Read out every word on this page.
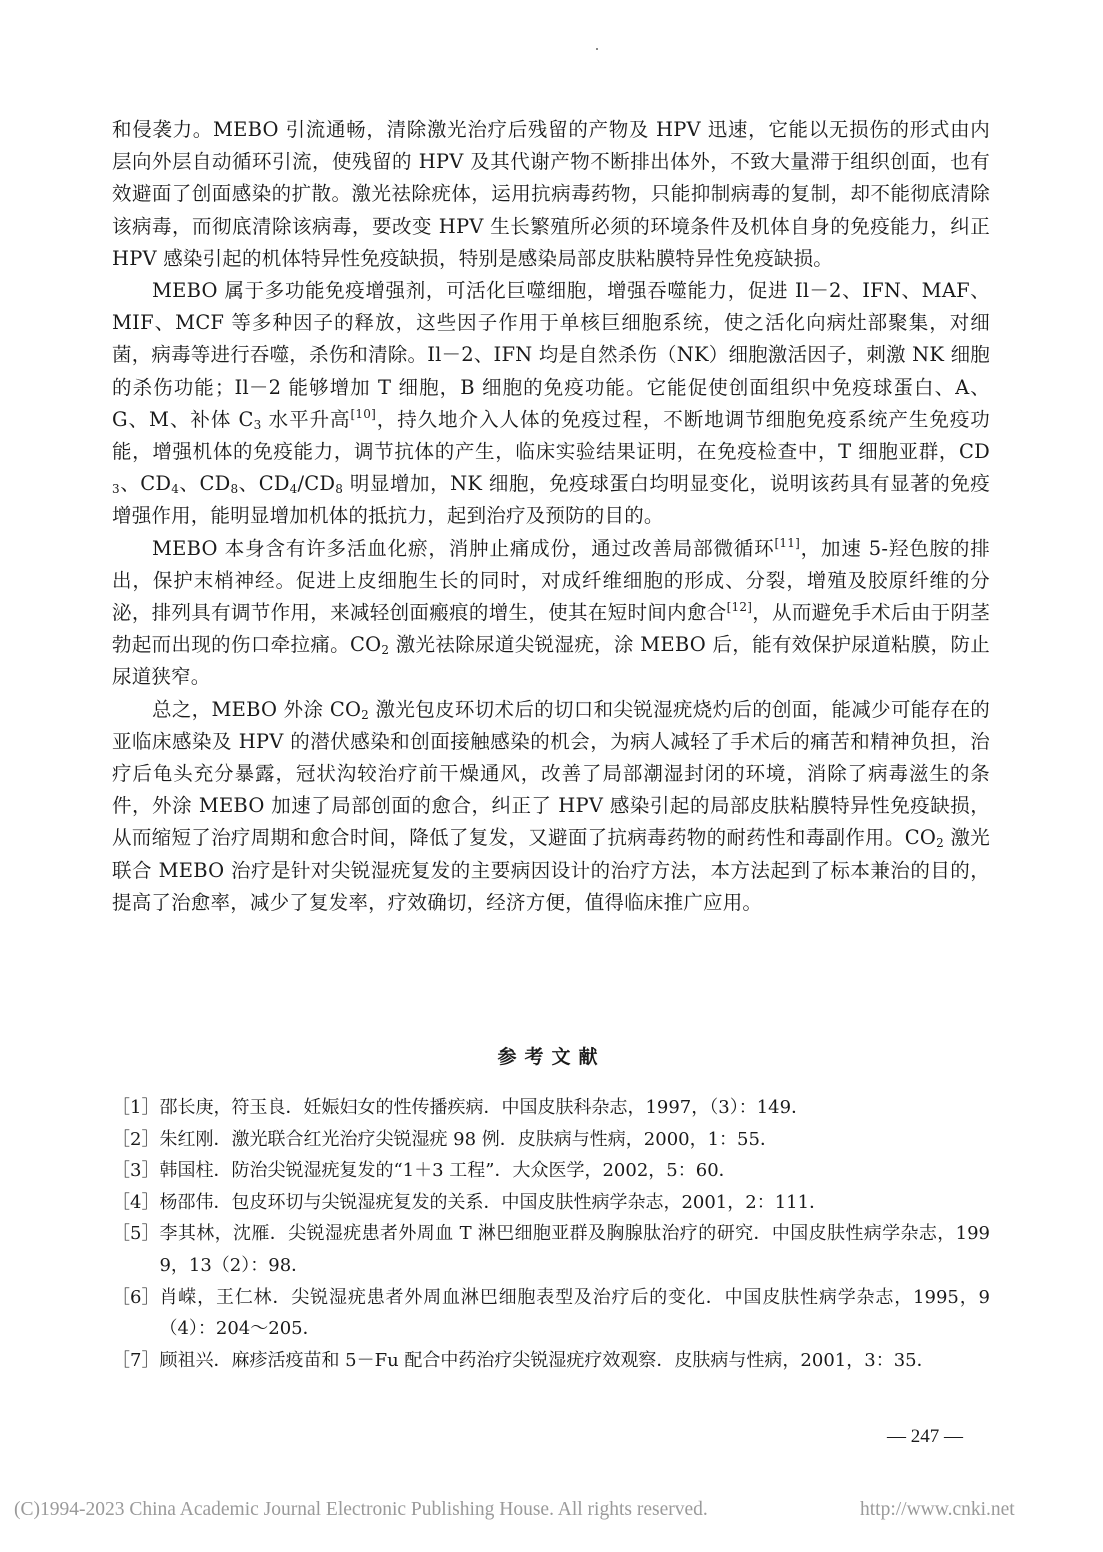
和侵袭力。MEBO 引流通畅，清除激光治疗后残留的产物及 HPV 迅速，它能以无损伤的形式由内层向外层自动循环引流，使残留的 HPV 及其代谢产物不断排出体外，不致大量滞于组织创面，也有效避面了创面感染的扩散。激光祛除疣体，运用抗病毒药物，只能抑制病毒的复制，却不能彻底清除该病毒，而彻底清除该病毒，要改变 HPV 生长繁殖所必须的环境条件及机体自身的免疫能力，纠正 HPV 感染引起的机体特异性免疫缺损，特别是感染局部皮肤粘膜特异性免疫缺损。

MEBO 属于多功能免疫增强剂，可活化巨噬细胞，增强吞噬能力，促进 Il－2、IFN、MAF、MIF、MCF 等多种因子的释放，这些因子作用于单核巨细胞系统，使之活化向病灶部聚集，对细菌，病毒等进行吞噬，杀伤和清除。Il－2、IFN 均是自然杀伤（NK）细胞激活因子，刺激 NK 细胞的杀伤功能；Il－2 能够增加 T 细胞，B 细胞的免疫功能。它能促使创面组织中免疫球蛋白、A、G、M、补体 $C_3$ 水平升高[10]，持久地介入人体的免疫过程，不断地调节细胞免疫系统产生免疫功能，增强机体的免疫能力，调节抗体的产生，临床实验结果证明，在免疫检查中，T 细胞亚群，$CD_3$、$CD_4$、$CD_8$、$CD_4/CD_8$ 明显增加，NK 细胞，免疫球蛋白均明显变化，说明该药具有显著的免疫增强作用，能明显增加机体的抵抗力，起到治疗及预防的目的。

MEBO 本身含有许多活血化瘀，消肿止痛成份，通过改善局部微循环[11]，加速 5-羟色胺的排出，保护末梢神经。促进上皮细胞生长的同时，对成纤维细胞的形成、分裂，增殖及胶原纤维的分泌，排列具有调节作用，来减轻创面瘢痕的增生，使其在短时间内愈合[12]，从而避免手术后由于阴茎勃起而出现的伤口牵拉痛。$CO_2$ 激光祛除尿道尖锐湿疣，涂 MEBO 后，能有效保护尿道粘膜，防止尿道狭窄。

总之，MEBO 外涂 $CO_2$ 激光包皮环切术后的切口和尖锐湿疣烧灼后的创面，能减少可能存在的亚临床感染及 HPV 的潜伏感染和创面接触感染的机会，为病人减轻了手术后的痛苦和精神负担，治疗后龟头充分暴露，冠状沟较治疗前干燥通风，改善了局部潮湿封闭的环境，消除了病毒滋生的条件，外涂 MEBO 加速了局部创面的愈合，纠正了 HPV 感染引起的局部皮肤粘膜特异性免疫缺损，从而缩短了治疗周期和愈合时间，降低了复发，又避面了抗病毒药物的耐药性和毒副作用。$CO_2$ 激光联合 MEBO 治疗是针对尖锐湿疣复发的主要病因设计的治疗方法，本方法起到了标本兼治的目的，提高了治愈率，减少了复发率，疗效确切，经济方便，值得临床推广应用。

参考文献
［1］ 邵长庚，符玉良．妊娠妇女的性传播疾病．中国皮肤科杂志，1997，（3）：149．
［2］ 朱红刚．激光联合红光治疗尖锐湿疣 98 例．皮肤病与性病，2000，1：55．
［3］ 韩国柱．防治尖锐湿疣复发的“1＋3 工程”．大众医学，2002，5：60．
［4］ 杨邵伟．包皮环切与尖锐湿疣复发的关系．中国皮肤性病学杂志，2001，2：111．
［5］ 李其林，沈雁．尖锐湿疣患者外周血 T 淋巴细胞亚群及胸腺肽治疗的研究．中国皮肤性病学杂志，1999，13（2）：98．
［6］ 肖嵘，王仁林．尖锐湿疣患者外周血淋巴细胞表型及治疗后的变化．中国皮肤性病学杂志，1995，9（4）：204～205．
［7］ 顾祖兴．麻疹活疫苗和 5－Fu 配合中药治疗尖锐湿疣疗效观察．皮肤病与性病，2001，3：35．
— 247 —
(C)1994-2023 China Academic Journal Electronic Publishing House. All rights reserved.	http://www.cnki.net
